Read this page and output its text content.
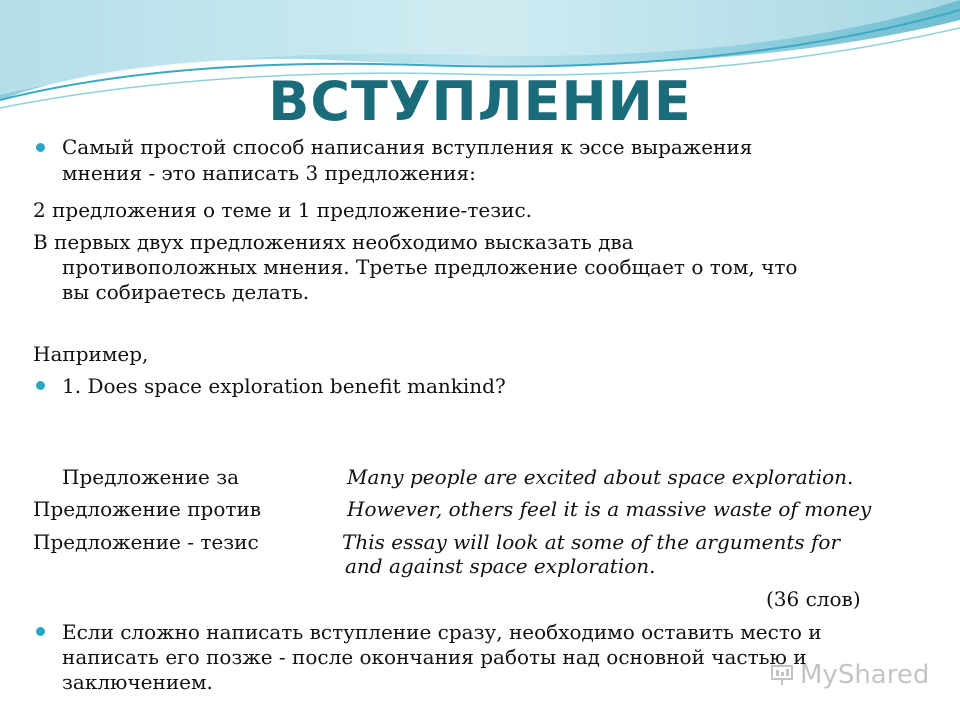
ВСТУПЛЕНИЕ
Самый простой способ написания вступления к эссе выражения
мнения - это написать 3 предложения:
2 предложения о теме и 1 предложение-тезис.
В первых двух предложениях необходимо высказать два
противоположных мнения. Третье предложение сообщает о том, что
вы собираетесь делать.
Например,
1. Does space exploration benefit mankind?
Предложение за	Many people are excited about space exploration.
Предложение против	However, others feel it is a massive waste of money
Предложение - тезис	This essay will look at some of the arguments for
and against space exploration.
(36 слов)
Если сложно написать вступление сразу, необходимо оставить место и
написать его позже - после окончания работы над основной частью и
заключением.	MyShared
